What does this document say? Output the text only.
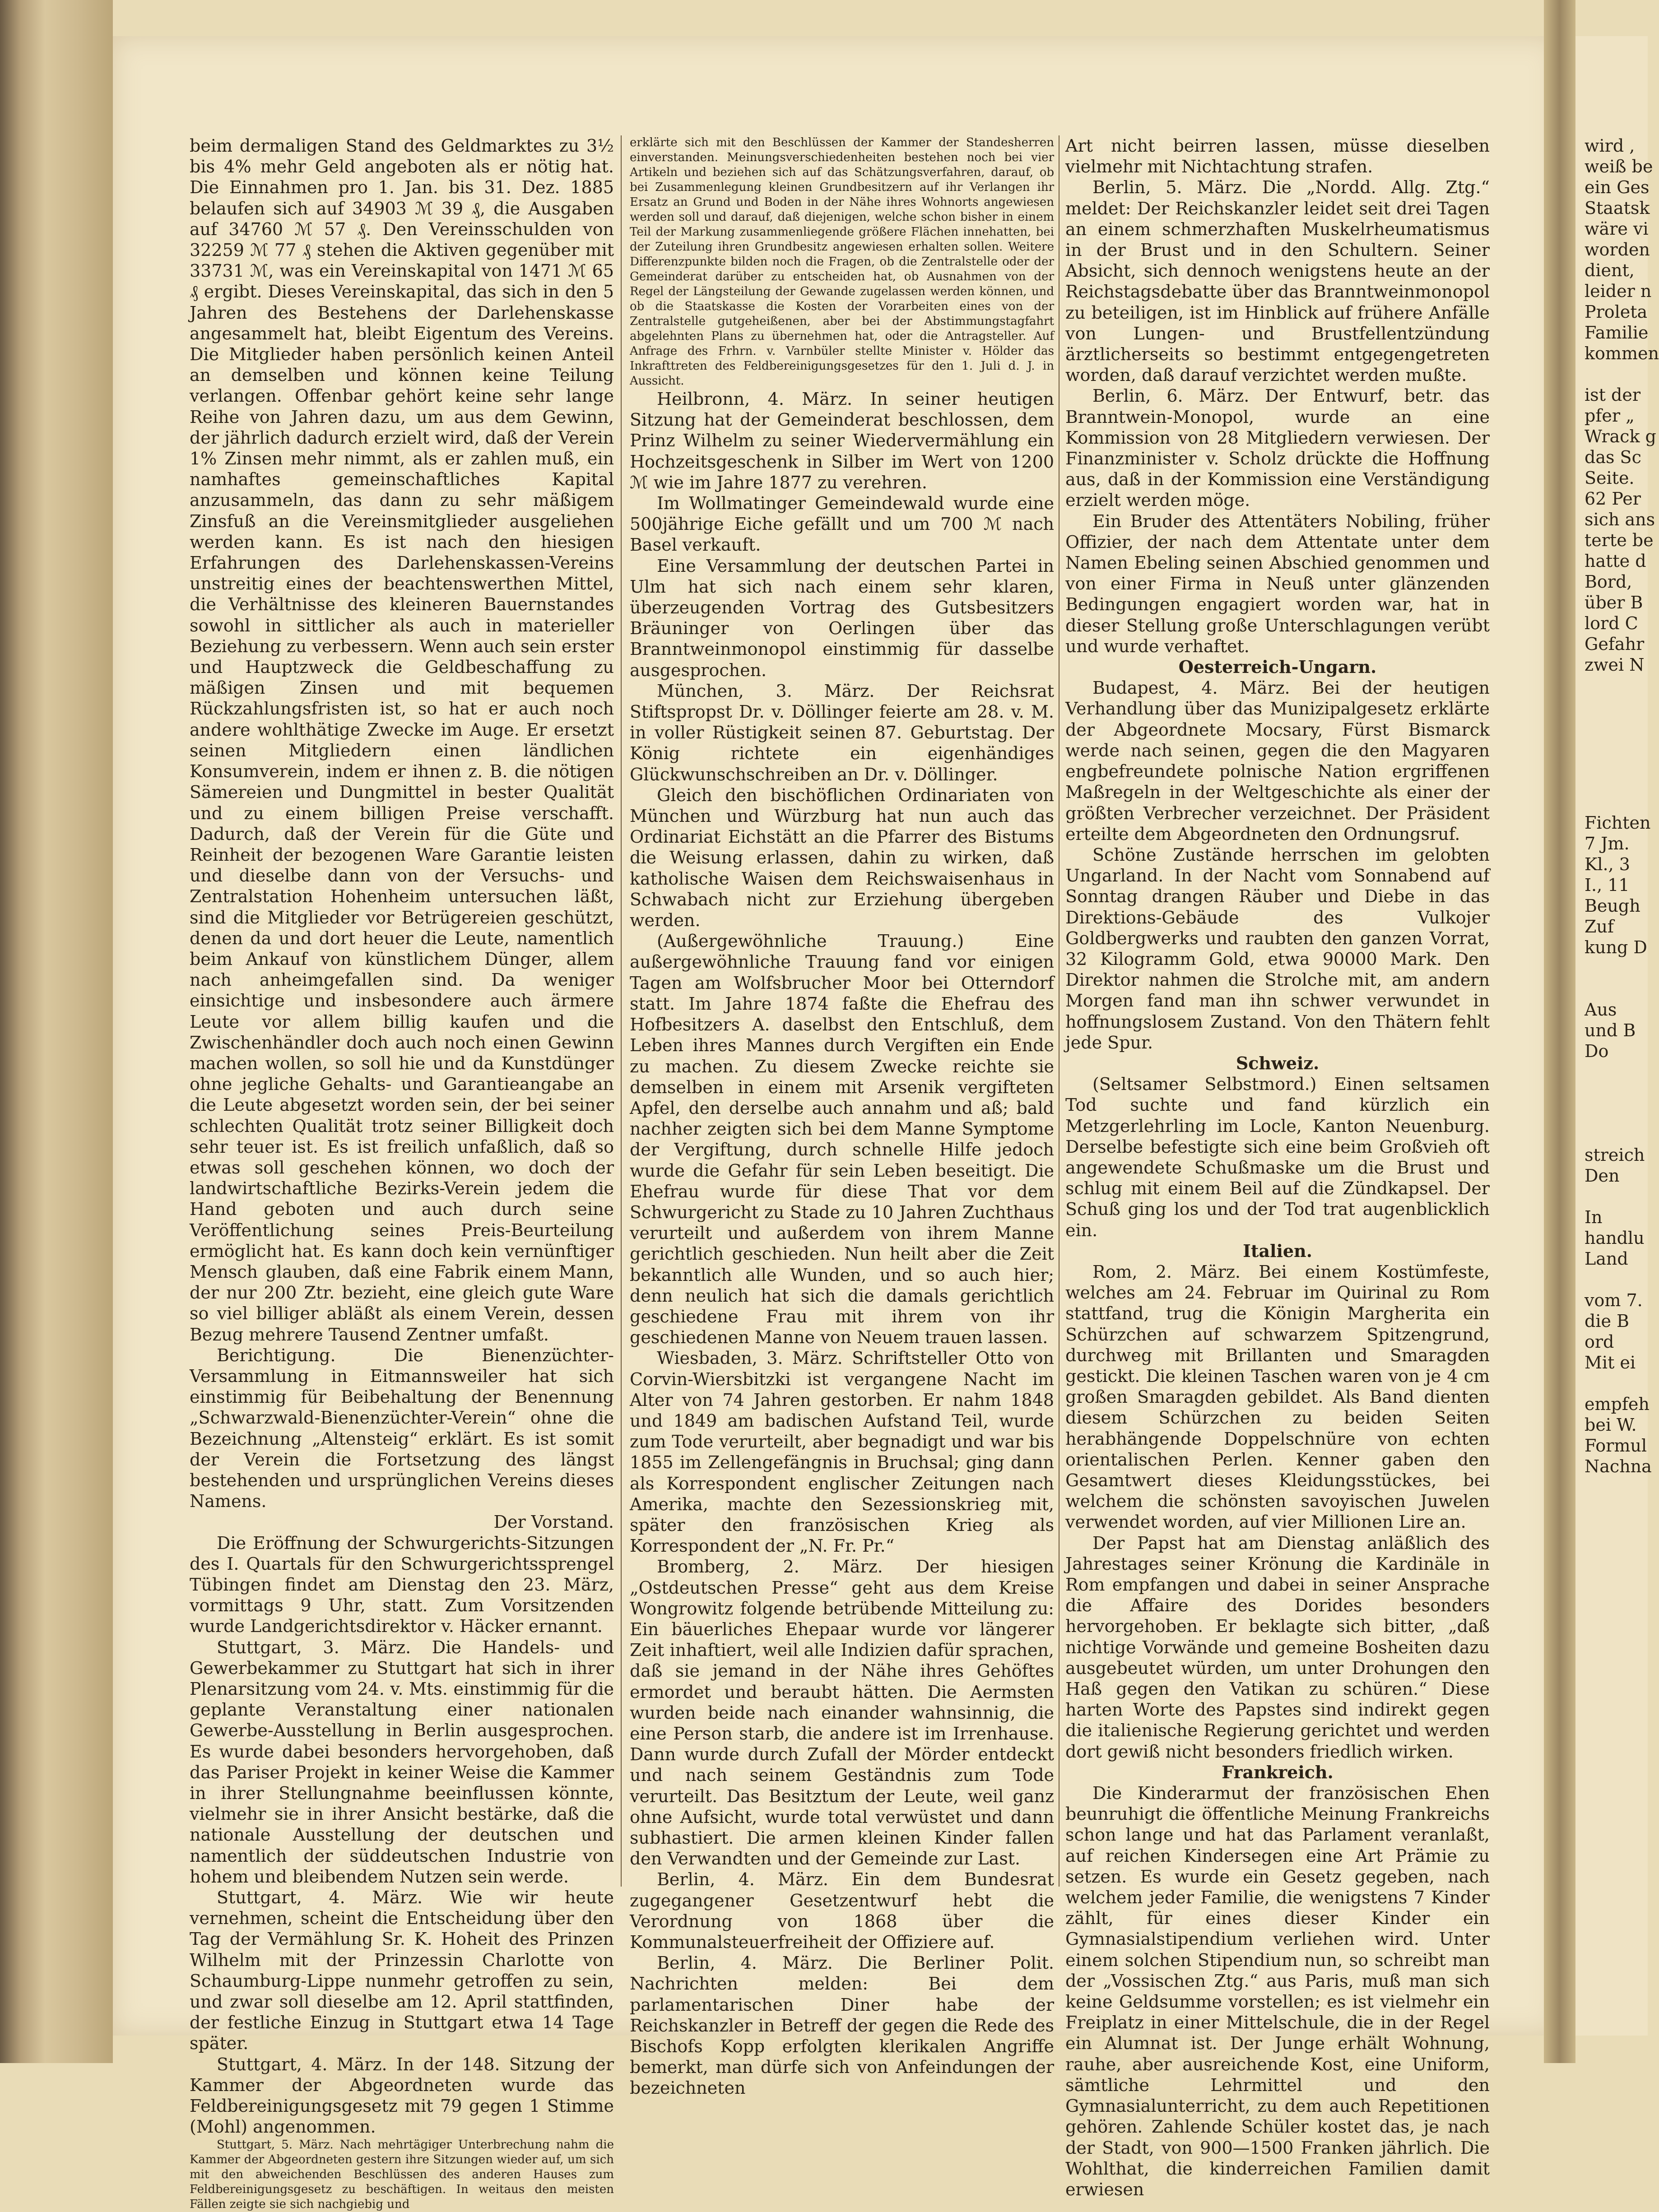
beim dermaligen Stand des Geldmarktes zu 3½ bis 4% mehr Geld angeboten als er nötig hat. Die Einnahmen pro 1. Jan. bis 31. Dez. 1885 belaufen sich auf 34903 ℳ 39 ₰, die Ausgaben auf 34760 ℳ 57 ₰. Den Vereinsschulden von 32259 ℳ 77 ₰ stehen die Aktiven gegenüber mit 33731 ℳ, was ein Vereinskapital von 1471 ℳ 65 ₰ ergibt. Dieses Vereinskapital, das sich in den 5 Jahren des Bestehens der Darlehenskasse angesammelt hat, bleibt Eigentum des Vereins. Die Mitglieder haben persönlich keinen Anteil an demselben und können keine Teilung verlangen. Offenbar gehört keine sehr lange Reihe von Jahren dazu, um aus dem Gewinn, der jährlich dadurch erzielt wird, daß der Verein 1% Zinsen mehr nimmt, als er zahlen muß, ein namhaftes gemeinschaftliches Kapital anzusammeln, das dann zu sehr mäßigem Zinsfuß an die Vereinsmitglieder ausgeliehen werden kann. Es ist nach den hiesigen Erfahrungen des Darlehenskassen-Vereins unstreitig eines der beachtenswerthen Mittel, die Verhältnisse des kleineren Bauernstandes sowohl in sittlicher als auch in materieller Beziehung zu verbessern. Wenn auch sein erster und Hauptzweck die Geldbeschaffung zu mäßigen Zinsen und mit bequemen Rückzahlungsfristen ist, so hat er auch noch andere wohlthätige Zwecke im Auge. Er ersetzt seinen Mitgliedern einen ländlichen Konsumverein, indem er ihnen z. B. die nötigen Sämereien und Dungmittel in bester Qualität und zu einem billigen Preise verschafft. Dadurch, daß der Verein für die Güte und Reinheit der bezogenen Ware Garantie leisten und dieselbe dann von der Versuchs- und Zentralstation Hohenheim untersuchen läßt, sind die Mitglieder vor Betrügereien geschützt, denen da und dort heuer die Leute, namentlich beim Ankauf von künstlichem Dünger, allem nach anheimgefallen sind. Da weniger einsichtige und insbesondere auch ärmere Leute vor allem billig kaufen und die Zwischenhändler doch auch noch einen Gewinn machen wollen, so soll hie und da Kunstdünger ohne jegliche Gehalts- und Garantieangabe an die Leute abgesetzt worden sein, der bei seiner schlechten Qualität trotz seiner Billigkeit doch sehr teuer ist. Es ist freilich unfaßlich, daß so etwas soll geschehen können, wo doch der landwirtschaftliche Bezirks-Verein jedem die Hand geboten und auch durch seine Veröffentlichung seines Preis-Beurteilung ermöglicht hat. Es kann doch kein vernünftiger Mensch glauben, daß eine Fabrik einem Mann, der nur 200 Ztr. bezieht, eine gleich gute Ware so viel billiger abläßt als einem Verein, dessen Bezug mehrere Tausend Zentner umfaßt.

Berichtigung. Die Bienenzüchter-Versammlung in Eitmannsweiler hat sich einstimmig für Beibehaltung der Benennung „Schwarzwald-Bienenzüchter-Verein“ ohne die Bezeichnung „Altensteig“ erklärt. Es ist somit der Verein die Fortsetzung des längst bestehenden und ursprünglichen Vereins dieses Namens.

Der Vorstand.

Die Eröffnung der Schwurgerichts-Sitzungen des I. Quartals für den Schwurgerichtssprengel Tübingen findet am Dienstag den 23. März, vormittags 9 Uhr, statt. Zum Vorsitzenden wurde Landgerichtsdirektor v. Häcker ernannt.

Stuttgart, 3. März. Die Handels- und Gewerbekammer zu Stuttgart hat sich in ihrer Plenarsitzung vom 24. v. Mts. einstimmig für die geplante Veranstaltung einer nationalen Gewerbe-Ausstellung in Berlin ausgesprochen. Es wurde dabei besonders hervorgehoben, daß das Pariser Projekt in keiner Weise die Kammer in ihrer Stellungnahme beeinflussen könnte, vielmehr sie in ihrer Ansicht bestärke, daß die nationale Ausstellung der deutschen und namentlich der süddeutschen Industrie von hohem und bleibendem Nutzen sein werde.

Stuttgart, 4. März. Wie wir heute vernehmen, scheint die Entscheidung über den Tag der Vermählung Sr. K. Hoheit des Prinzen Wilhelm mit der Prinzessin Charlotte von Schaumburg-Lippe nunmehr getroffen zu sein, und zwar soll dieselbe am 12. April stattfinden, der festliche Einzug in Stuttgart etwa 14 Tage später.

Stuttgart, 4. März. In der 148. Sitzung der Kammer der Abgeordneten wurde das Feldbereinigungsgesetz mit 79 gegen 1 Stimme (Mohl) angenommen.

Stuttgart, 5. März. Nach mehrtägiger Unterbrechung nahm die Kammer der Abgeordneten gestern ihre Sitzungen wieder auf, um sich mit den abweichenden Beschlüssen des anderen Hauses zum Feldbereinigungsgesetz zu beschäftigen. In weitaus den meisten Fällen zeigte sie sich nachgiebig und

erklärte sich mit den Beschlüssen der Kammer der Standesherren einverstanden. Meinungsverschiedenheiten bestehen noch bei vier Artikeln und beziehen sich auf das Schätzungsverfahren, darauf, ob bei Zusammenlegung kleinen Grundbesitzern auf ihr Verlangen ihr Ersatz an Grund und Boden in der Nähe ihres Wohnorts angewiesen werden soll und darauf, daß diejenigen, welche schon bisher in einem Teil der Markung zusammenliegende größere Flächen innehatten, bei der Zuteilung ihren Grundbesitz angewiesen erhalten sollen. Weitere Differenzpunkte bilden noch die Fragen, ob die Zentralstelle oder der Gemeinderat darüber zu entscheiden hat, ob Ausnahmen von der Regel der Längsteilung der Gewande zugelassen werden können, und ob die Staatskasse die Kosten der Vorarbeiten eines von der Zentralstelle gutgeheißenen, aber bei der Abstimmungstagfahrt abgelehnten Plans zu übernehmen hat, oder die Antragsteller. Auf Anfrage des Frhrn. v. Varnbüler stellte Minister v. Hölder das Inkrafttreten des Feldbereinigungsgesetzes für den 1. Juli d. J. in Aussicht.

Heilbronn, 4. März. In seiner heutigen Sitzung hat der Gemeinderat beschlossen, dem Prinz Wilhelm zu seiner Wiedervermählung ein Hochzeitsgeschenk in Silber im Wert von 1200 ℳ wie im Jahre 1877 zu verehren.

Im Wollmatinger Gemeindewald wurde eine 500jährige Eiche gefällt und um 700 ℳ nach Basel verkauft.

Eine Versammlung der deutschen Partei in Ulm hat sich nach einem sehr klaren, überzeugenden Vortrag des Gutsbesitzers Bräuninger von Oerlingen über das Branntweinmonopol einstimmig für dasselbe ausgesprochen.

München, 3. März. Der Reichsrat Stiftspropst Dr. v. Döllinger feierte am 28. v. M. in voller Rüstigkeit seinen 87. Geburtstag. Der König richtete ein eigenhändiges Glückwunschschreiben an Dr. v. Döllinger.

Gleich den bischöflichen Ordinariaten von München und Würzburg hat nun auch das Ordinariat Eichstätt an die Pfarrer des Bistums die Weisung erlassen, dahin zu wirken, daß katholische Waisen dem Reichswaisenhaus in Schwabach nicht zur Erziehung übergeben werden.

(Außergewöhnliche Trauung.) Eine außergewöhnliche Trauung fand vor einigen Tagen am Wolfsbrucher Moor bei Otterndorf statt. Im Jahre 1874 faßte die Ehefrau des Hofbesitzers A. daselbst den Entschluß, dem Leben ihres Mannes durch Vergiften ein Ende zu machen. Zu diesem Zwecke reichte sie demselben in einem mit Arsenik vergifteten Apfel, den derselbe auch annahm und aß; bald nachher zeigten sich bei dem Manne Symptome der Vergiftung, durch schnelle Hilfe jedoch wurde die Gefahr für sein Leben beseitigt. Die Ehefrau wurde für diese That vor dem Schwurgericht zu Stade zu 10 Jahren Zuchthaus verurteilt und außerdem von ihrem Manne gerichtlich geschieden. Nun heilt aber die Zeit bekanntlich alle Wunden, und so auch hier; denn neulich hat sich die damals gerichtlich geschiedene Frau mit ihrem von ihr geschiedenen Manne von Neuem trauen lassen.

Wiesbaden, 3. März. Schriftsteller Otto von Corvin-Wiersbitzki ist vergangene Nacht im Alter von 74 Jahren gestorben. Er nahm 1848 und 1849 am badischen Aufstand Teil, wurde zum Tode verurteilt, aber begnadigt und war bis 1855 im Zellengefängnis in Bruchsal; ging dann als Korrespondent englischer Zeitungen nach Amerika, machte den Sezessionskrieg mit, später den französischen Krieg als Korrespondent der „N. Fr. Pr.“

Bromberg, 2. März. Der hiesigen „Ostdeutschen Presse“ geht aus dem Kreise Wongrowitz folgende betrübende Mitteilung zu: Ein bäuerliches Ehepaar wurde vor längerer Zeit inhaftiert, weil alle Indizien dafür sprachen, daß sie jemand in der Nähe ihres Gehöftes ermordet und beraubt hätten. Die Aermsten wurden beide nach einander wahnsinnig, die eine Person starb, die andere ist im Irrenhause. Dann wurde durch Zufall der Mörder entdeckt und nach seinem Geständnis zum Tode verurteilt. Das Besitztum der Leute, weil ganz ohne Aufsicht, wurde total verwüstet und dann subhastiert. Die armen kleinen Kinder fallen den Verwandten und der Gemeinde zur Last.

Berlin, 4. März. Ein dem Bundesrat zugegangener Gesetzentwurf hebt die Verordnung von 1868 über die Kommunalsteuerfreiheit der Offiziere auf.

Berlin, 4. März. Die Berliner Polit. Nachrichten melden: Bei dem parlamentarischen Diner habe der Reichskanzler in Betreff der gegen die Rede des Bischofs Kopp erfolgten klerikalen Angriffe bemerkt, man dürfe sich von Anfeindungen der bezeichneten

Art nicht beirren lassen, müsse dieselben vielmehr mit Nichtachtung strafen.

Berlin, 5. März. Die „Nordd. Allg. Ztg.“ meldet: Der Reichskanzler leidet seit drei Tagen an einem schmerzhaften Muskelrheumatismus in der Brust und in den Schultern. Seiner Absicht, sich dennoch wenigstens heute an der Reichstagsdebatte über das Branntweinmonopol zu beteiligen, ist im Hinblick auf frühere Anfälle von Lungen- und Brustfellentzündung ärztlicherseits so bestimmt entgegengetreten worden, daß darauf verzichtet werden mußte.

Berlin, 6. März. Der Entwurf, betr. das Branntwein-Monopol, wurde an eine Kommission von 28 Mitgliedern verwiesen. Der Finanzminister v. Scholz drückte die Hoffnung aus, daß in der Kommission eine Verständigung erzielt werden möge.

Ein Bruder des Attentäters Nobiling, früher Offizier, der nach dem Attentate unter dem Namen Ebeling seinen Abschied genommen und von einer Firma in Neuß unter glänzenden Bedingungen engagiert worden war, hat in dieser Stellung große Unterschlagungen verübt und wurde verhaftet.

Oesterreich-Ungarn.

Budapest, 4. März. Bei der heutigen Verhandlung über das Munizipalgesetz erklärte der Abgeordnete Mocsary, Fürst Bismarck werde nach seinen, gegen die den Magyaren engbefreundete polnische Nation ergriffenen Maßregeln in der Weltgeschichte als einer der größten Verbrecher verzeichnet. Der Präsident erteilte dem Abgeordneten den Ordnungsruf.

Schöne Zustände herrschen im gelobten Ungarland. In der Nacht vom Sonnabend auf Sonntag drangen Räuber und Diebe in das Direktions-Gebäude des Vulkojer Goldbergwerks und raubten den ganzen Vorrat, 32 Kilogramm Gold, etwa 90000 Mark. Den Direktor nahmen die Strolche mit, am andern Morgen fand man ihn schwer verwundet in hoffnungslosem Zustand. Von den Thätern fehlt jede Spur.

Schweiz.

(Seltsamer Selbstmord.) Einen seltsamen Tod suchte und fand kürzlich ein Metzgerlehrling im Locle, Kanton Neuenburg. Derselbe befestigte sich eine beim Großvieh oft angewendete Schußmaske um die Brust und schlug mit einem Beil auf die Zündkapsel. Der Schuß ging los und der Tod trat augenblicklich ein.

Italien.

Rom, 2. März. Bei einem Kostümfeste, welches am 24. Februar im Quirinal zu Rom stattfand, trug die Königin Margherita ein Schürzchen auf schwarzem Spitzengrund, durchweg mit Brillanten und Smaragden gestickt. Die kleinen Taschen waren von je 4 cm großen Smaragden gebildet. Als Band dienten diesem Schürzchen zu beiden Seiten herabhängende Doppelschnüre von echten orientalischen Perlen. Kenner gaben den Gesamtwert dieses Kleidungsstückes, bei welchem die schönsten savoyischen Juwelen verwendet worden, auf vier Millionen Lire an.

Der Papst hat am Dienstag anläßlich des Jahrestages seiner Krönung die Kardinäle in Rom empfangen und dabei in seiner Ansprache die Affaire des Dorides besonders hervorgehoben. Er beklagte sich bitter, „daß nichtige Vorwände und gemeine Bosheiten dazu ausgebeutet würden, um unter Drohungen den Haß gegen den Vatikan zu schüren.“ Diese harten Worte des Papstes sind indirekt gegen die italienische Regierung gerichtet und werden dort gewiß nicht besonders friedlich wirken.

Frankreich.

Die Kinderarmut der französischen Ehen beunruhigt die öffentliche Meinung Frankreichs schon lange und hat das Parlament veranlaßt, auf reichen Kindersegen eine Art Prämie zu setzen. Es wurde ein Gesetz gegeben, nach welchem jeder Familie, die wenigstens 7 Kinder zählt, für eines dieser Kinder ein Gymnasialstipendium verliehen wird. Unter einem solchen Stipendium nun, so schreibt man der „Vossischen Ztg.“ aus Paris, muß man sich keine Geldsumme vorstellen; es ist vielmehr ein Freiplatz in einer Mittelschule, die in der Regel ein Alumnat ist. Der Junge erhält Wohnung, rauhe, aber ausreichende Kost, eine Uniform, sämtliche Lehrmittel und den Gymnasialunterricht, zu dem auch Repetitionen gehören. Zahlende Schüler kostet das, je nach der Stadt, von 900—1500 Franken jährlich. Die Wohlthat, die kinderreichen Familien damit erwiesen

wird ,
weiß be
ein Ges
Staatsk
wäre vi
worden
dient,
leider n
Proleta
Familie
kommen

ist der
pfer „
Wrack g
das Sc
Seite.
62 Per
sich ans
terte be
hatte d
Bord,
über B
lord C
Gefahr
zwei N
Fichten
7 Jm.
Kl., 3
I., 11
Beugh
Zuf
kung D

Aus
und B
Do

streich
Den

In
handlu
Land

vom 7.
die B
ord
Mit ei

empfeh
bei W.
Formul
Nachna
